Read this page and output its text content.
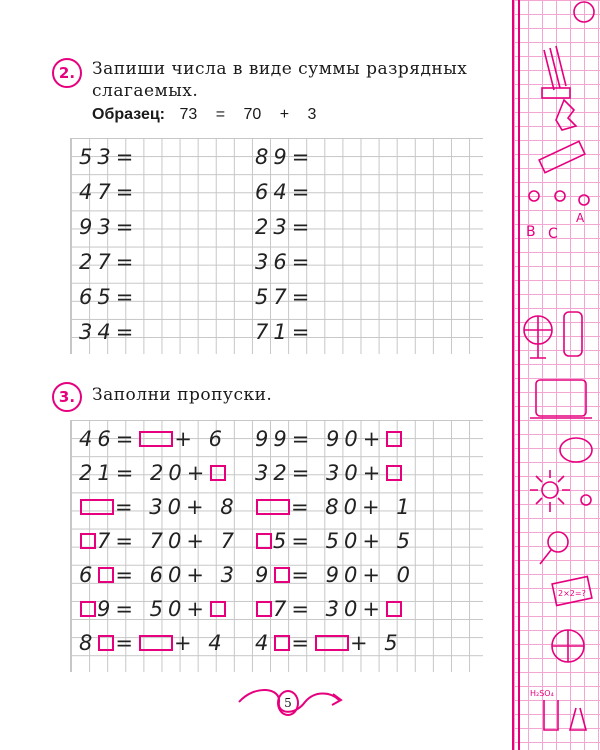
2. Запиши числа в виде суммы разрядных
слагаемых.
Образец: 73 = 70 + 3
53=
47=
93=
27=
65=
34=
89=
64=
23=
36=
57=
71=
3. Заполни пропуски.
46= + 6 99= 90+
21= 20+ 32= 30+
= 30+ 8 = 80+ 1
7= 70+ 7 5= 50+ 5
6 = 60+ 3 9 = 90+ 0
9= 50+	7= 30+
8 = + 4 4 = + 5
5
B C
A
2×2=?
H₂SO₄
